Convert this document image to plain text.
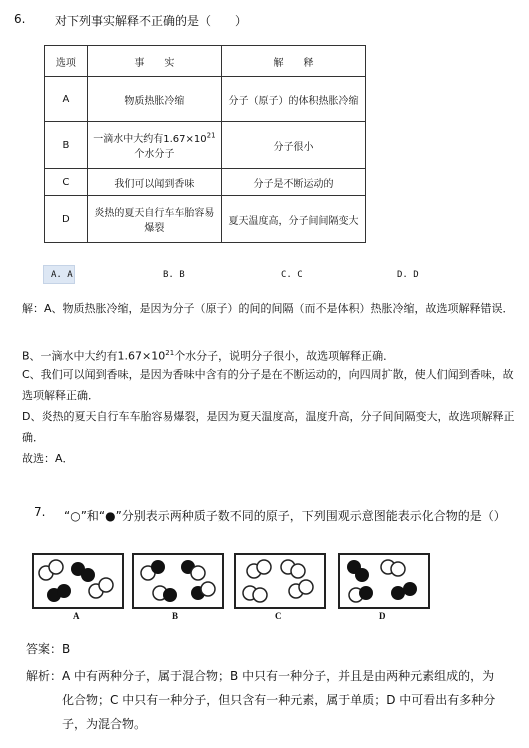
6. 对下列事实解释不正确的是（　　）
选项	事　　实	解　　释
A	物质热胀冷缩	分子（原子）的体积热胀冷缩
B	一滴水中大约有$1.67\times 10^{21}$个水分子	分子很小
C	我们可以闻到香味	分子是不断运动的
D	炎热的夏天自行车车胎容易爆裂	夏天温度高，分子间间隔变大
A. A	B. B	C. C	D. D
解：A、物质热胀冷缩，是因为分子（原子）的间的间隔（而不是体积）热胀冷缩，故选项解释错误．
B、一滴水中大约有$1.67\times 10^{21}$个水分子，说明分子很小，故选项解释正确．
C、我们可以闻到香味，是因为香味中含有的分子是在不断运动的，向四周扩散，使人们闻到香味，故选项解释正确．
D、炎热的夏天自行车车胎容易爆裂，是因为夏天温度高，温度升高，分子间间隔变大，故选项解释正确．
故选：A．
7. “○”和“●”分别表示两种质子数不同的原子，下列围观示意图能表示化合物的是（）
A	B	C	D
答案：B
解析：A 中有两种分子，属于混合物；B 中只有一种分子，并且是由两种元素组成的，为
化合物；C 中只有一种分子，但只含有一种元素，属于单质；D 中可看出有多种分子，为混合物。
